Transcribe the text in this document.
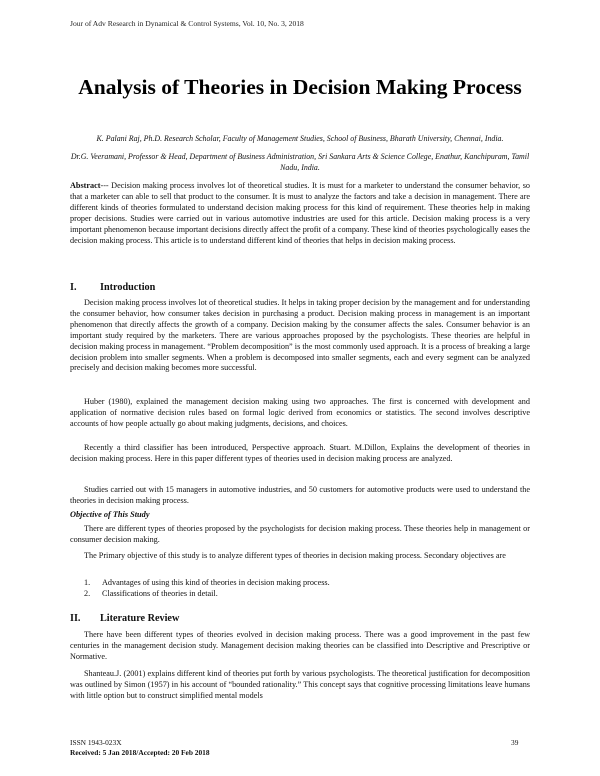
Jour of Adv Research in Dynamical & Control Systems, Vol. 10, No. 3, 2018
Analysis of Theories in Decision Making Process
K. Palani Raj, Ph.D. Research Scholar, Faculty of Management Studies, School of Business, Bharath University, Chennai, India.
Dr.G. Veeramani, Professor & Head, Department of Business Administration, Sri Sankara Arts & Science College, Enathur, Kanchipuram, Tamil Nadu, India.

Abstract--- Decision making process involves lot of theoretical studies. It is must for a marketer to understand the consumer behavior, so that a marketer can able to sell that product to the consumer. It is must to analyze the factors and take a decision in management. There are different kinds of theories formulated to understand decision making process for this kind of requirement. These theories help in making proper decisions. Studies were carried out in various automotive industries are used for this article. Decision making process is a very important phenomenon because important decisions directly affect the profit of a company. These kind of theories psychologically eases the decision making process. This article is to understand different kind of theories that helps in decision making process.

I. Introduction

Decision making process involves lot of theoretical studies. It helps in taking proper decision by the management and for understanding the consumer behavior, how consumer takes decision in purchasing a product. Decision making process in management is an important phenomenon that directly affects the growth of a company. Decision making by the consumer affects the sales. Consumer behavior is an important study required by the marketers. There are various approaches proposed by the psychologists. These theories are helpful in decision making process in management. “Problem decomposition” is the most commonly used approach. It is a process of breaking a large decision problem into smaller segments. When a problem is decomposed into smaller segments, each and every segment can be analyzed precisely and decision making becomes more successful.

Huber (1980), explained the management decision making using two approaches. The first is concerned with development and application of normative decision rules based on formal logic derived from economics or statistics. The second involves descriptive accounts of how people actually go about making judgments, decisions, and choices.

Recently a third classifier has been introduced, Perspective approach. Stuart. M.Dillon, Explains the development of theories in decision making process. Here in this paper different types of theories used in decision making process are analyzed.

Studies carried out with 15 managers in automotive industries, and 50 customers for automotive products were used to understand the theories in decision making process.

Objective of This Study

There are different types of theories proposed by the psychologists for decision making process. These theories help in management or consumer decision making.

The Primary objective of this study is to analyze different types of theories in decision making process. Secondary objectives are

1.	Advantages of using this kind of theories in decision making process.
2.	Classifications of theories in detail.
II. Literature Review

There have been different types of theories evolved in decision making process. There was a good improvement in the past few centuries in the management decision study. Management decision making theories can be classified into Descriptive and Prescriptive or Normative.

Shanteau.J. (2001) explains different kind of theories put forth by various psychologists. The theoretical justification for decomposition was outlined by Simon (1957) in his account of “bounded rationality.” This concept says that cognitive processing limitations leave humans with little option but to construct simplified mental models

ISSN 1943-023X	39
Received: 5 Jan 2018/Accepted: 20 Feb 2018
